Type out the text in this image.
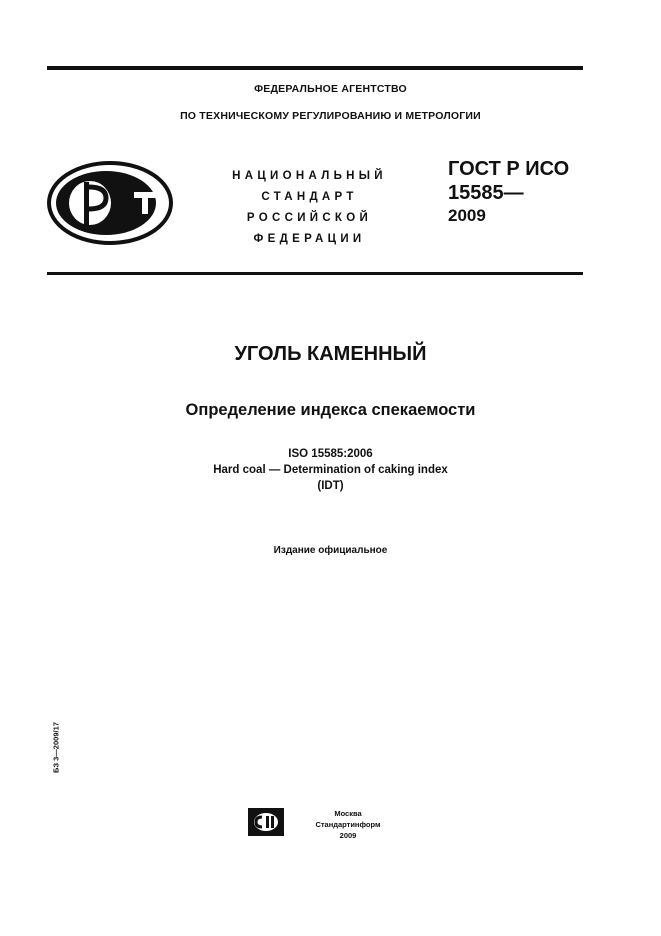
ФЕДЕРАЛЬНОЕ АГЕНТСТВО
ПО ТЕХНИЧЕСКОМУ РЕГУЛИРОВАНИЮ И МЕТРОЛОГИИ
НАЦИОНАЛЬНЫЙ
СТАНДАРТ
РОССИЙСКОЙ
ФЕДЕРАЦИИ
ГОСТ Р ИСО
15585—
2009
УГОЛЬ КАМЕННЫЙ
Определение индекса спекаемости
ISO 15585:2006
Hard coal — Determination of caking index
(IDT)
Издание официальное
БЗ 3—2009/17
Москва
Стандартинформ
2009
